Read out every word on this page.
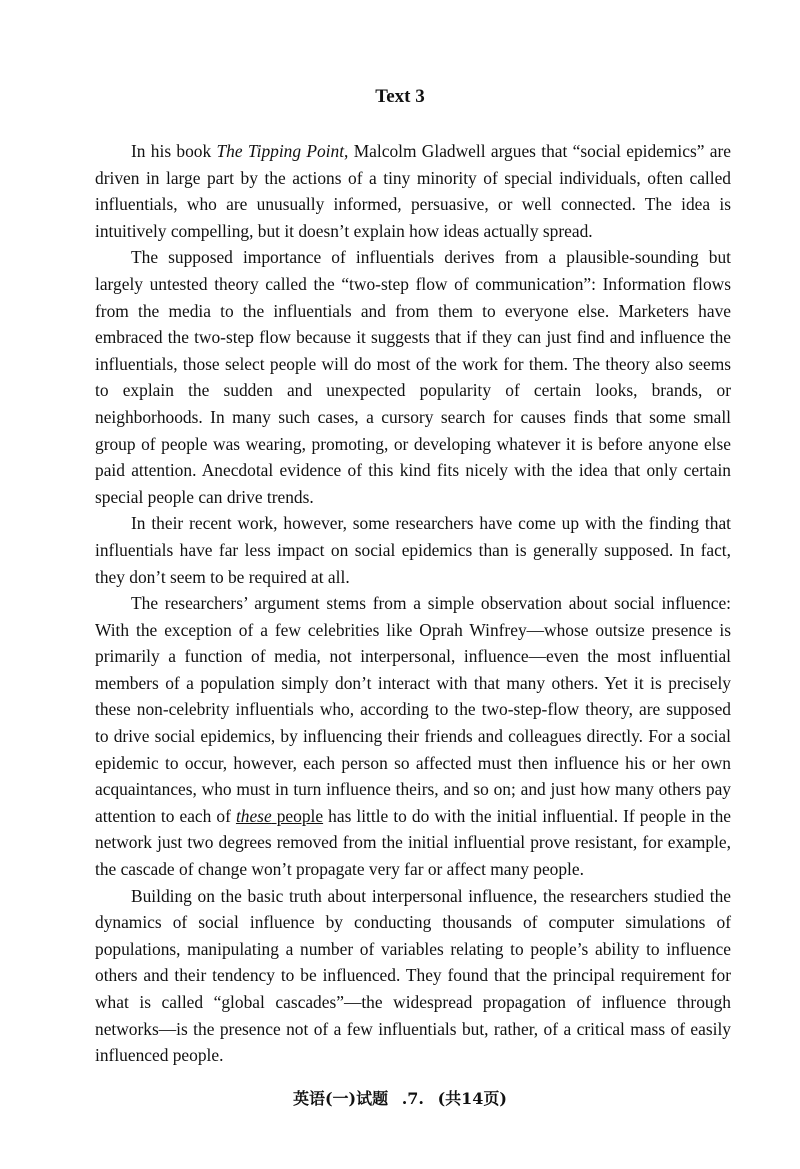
Text 3

In his book The Tipping Point, Malcolm Gladwell argues that “social epidemics” are driven in large part by the actions of a tiny minority of special individuals, often called influentials, who are unusually informed, persuasive, or well connected. The idea is intuitively compelling, but it doesn’t explain how ideas actually spread.

The supposed importance of influentials derives from a plausible-sounding but largely untested theory called the “two-step flow of communication”: Information flows from the media to the influentials and from them to everyone else. Marketers have embraced the two-step flow because it suggests that if they can just find and influence the influentials, those select people will do most of the work for them. The theory also seems to explain the sudden and unexpected popularity of certain looks, brands, or neighborhoods. In many such cases, a cursory search for causes finds that some small group of people was wearing, promoting, or developing whatever it is before anyone else paid attention. Anecdotal evidence of this kind fits nicely with the idea that only certain special people can drive trends.

In their recent work, however, some researchers have come up with the finding that influentials have far less impact on social epidemics than is generally supposed. In fact, they don’t seem to be required at all.

The researchers’ argument stems from a simple observation about social influence: With the exception of a few celebrities like Oprah Winfrey—whose outsize presence is primarily a function of media, not interpersonal, influence—even the most influential members of a population simply don’t interact with that many others. Yet it is precisely these non-celebrity influentials who, according to the two-step-flow theory, are supposed to drive social epidemics, by influencing their friends and colleagues directly. For a social epidemic to occur, however, each person so affected must then influence his or her own acquaintances, who must in turn influence theirs, and so on; and just how many others pay attention to each of these people has little to do with the initial influential. If people in the network just two degrees removed from the initial influential prove resistant, for example, the cascade of change won’t propagate very far or affect many people.

Building on the basic truth about interpersonal influence, the researchers studied the dynamics of social influence by conducting thousands of computer simulations of populations, manipulating a number of variables relating to people’s ability to influence others and their tendency to be influenced. They found that the principal requirement for what is called “global cascades”—the widespread propagation of influence through networks—is the presence not of a few influentials but, rather, of a critical mass of easily influenced people.

英语(一)试题 .7. (共14页)
